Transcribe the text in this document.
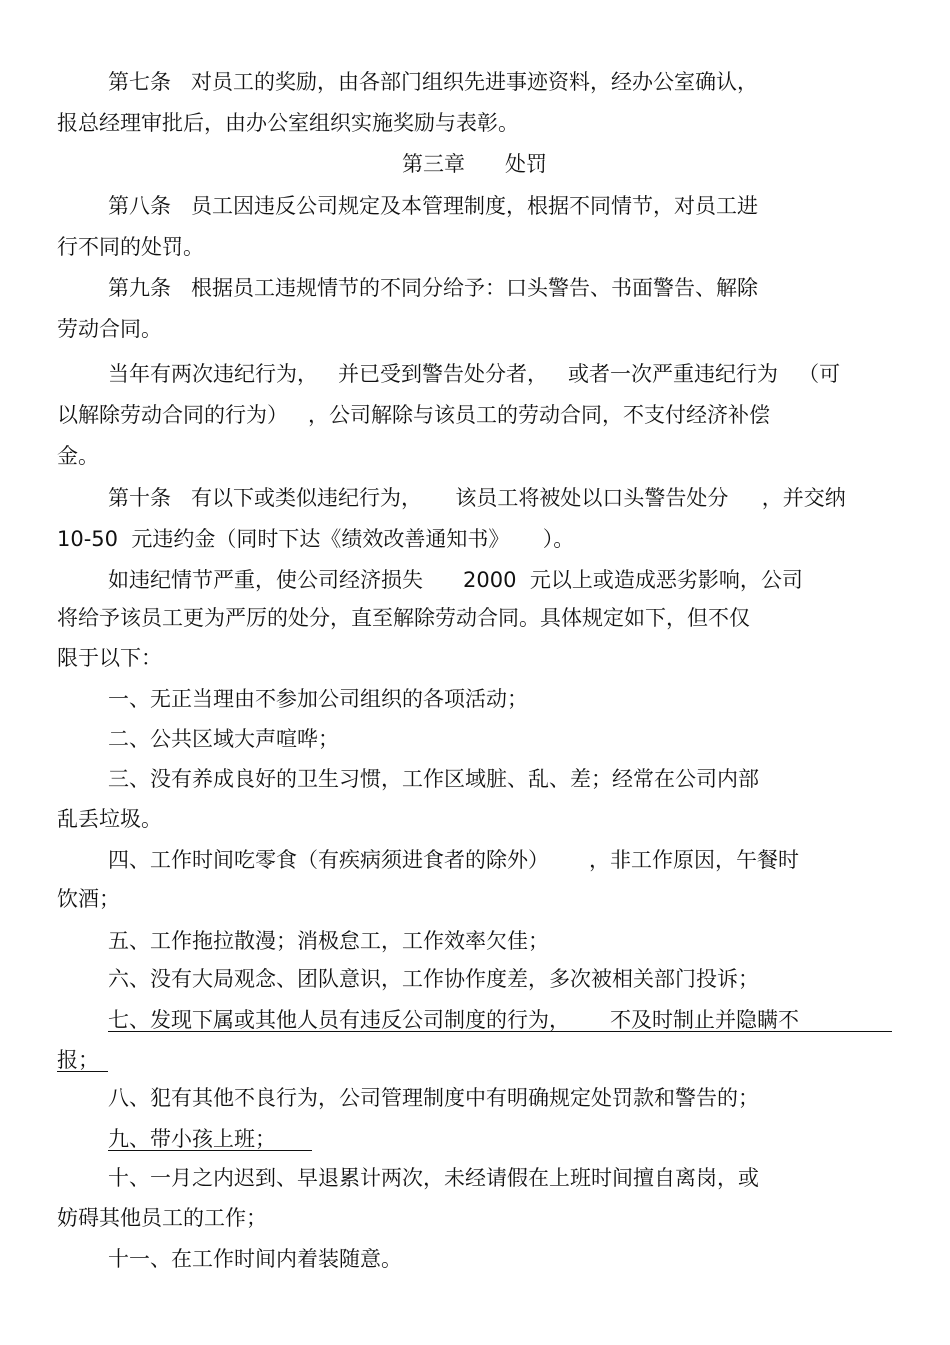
第七条   对员工的奖励，由各部门组织先进事迹资料，经办公室确认，
报总经理审批后，由办公室组织实施奖励与表彰。
第三章      处罚
第八条   员工因违反公司规定及本管理制度，根据不同情节，对员工进
行不同的处罚。
第九条   根据员工违规情节的不同分给予：口头警告、书面警告、解除
劳动合同。
当年有两次违纪行为，   并已受到警告处分者，   或者一次严重违纪行为   （可
以解除劳动合同的行为）   ，公司解除与该员工的劳动合同，不支付经济补偿
金。
第十条   有以下或类似违纪行为，     该员工将被处以口头警告处分     ，并交纳
10-50  元违约金（同时下达《绩效改善通知书》     ）。
如违纪情节严重，使公司经济损失      2000  元以上或造成恶劣影响，公司
将给予该员工更为严厉的处分，直至解除劳动合同。具体规定如下，但不仅
限于以下：
一、无正当理由不参加公司组织的各项活动；
二、公共区域大声喧哗；
三、没有养成良好的卫生习惯，工作区域脏、乱、差；经常在公司内部
乱丢垃圾。
四、工作时间吃零食（有疾病须进食者的除外）      ，非工作原因，午餐时
饮酒；
五、工作拖拉散漫；消极怠工，工作效率欠佳；
六、没有大局观念、团队意识，工作协作度差，多次被相关部门投诉；
七、发现下属或其他人员有违反公司制度的行为，      不及时制止并隐瞒不
报；
八、犯有其他不良行为，公司管理制度中有明确规定处罚款和警告的；
九、带小孩上班；
十、一月之内迟到、早退累计两次，未经请假在上班时间擅自离岗，或
妨碍其他员工的工作；
十一、在工作时间内着装随意。
